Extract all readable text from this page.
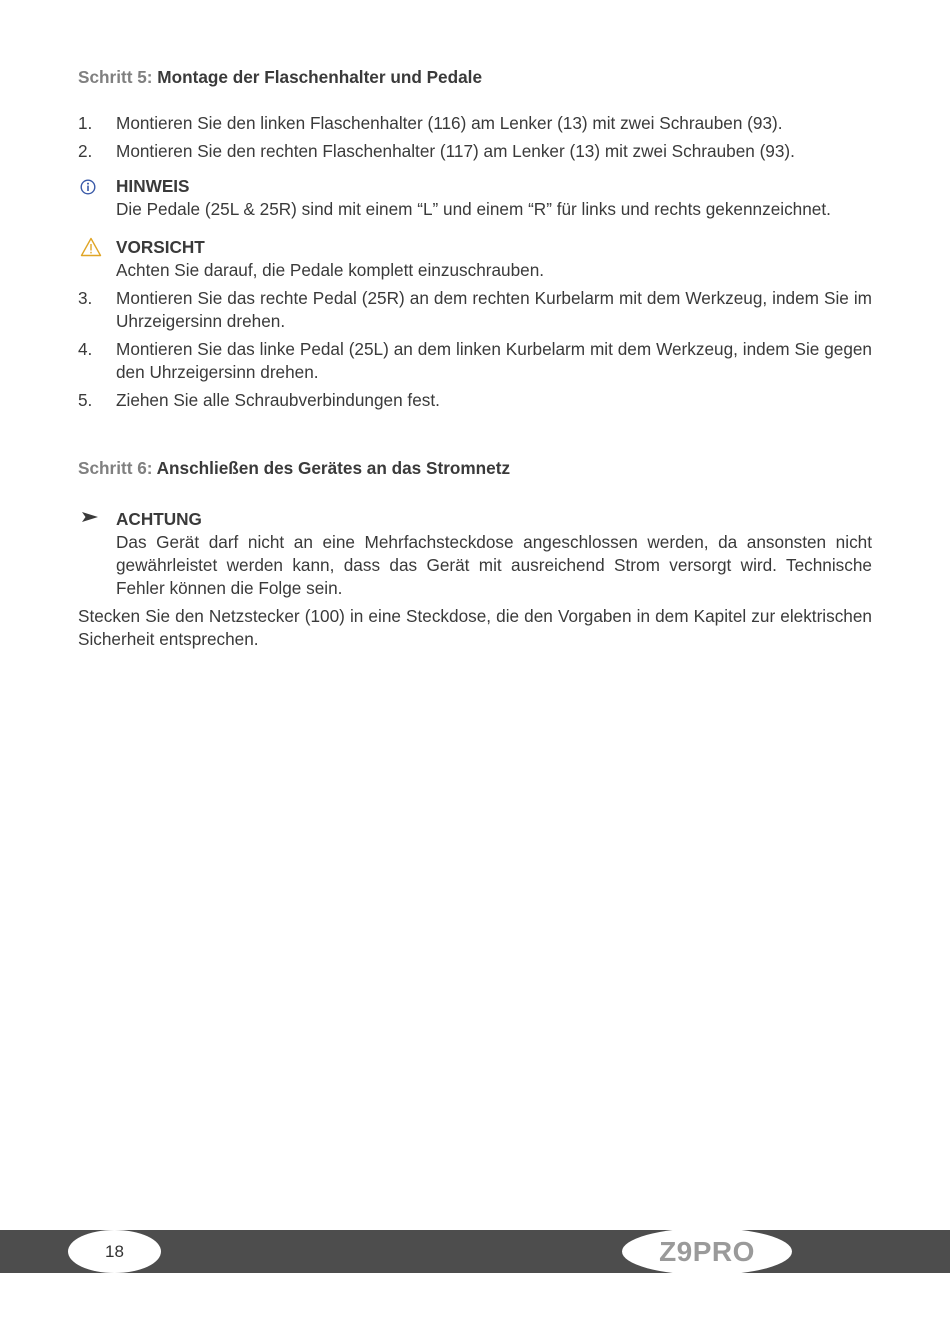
Schritt 5: Montage der Flaschenhalter und Pedale
1.	Montieren Sie den linken Flaschenhalter (116) am Lenker (13) mit zwei Schrauben (93).
2.	Montieren Sie den rechten Flaschenhalter (117) am Lenker (13) mit zwei Schrauben (93).
HINWEIS
Die Pedale (25L & 25R) sind mit einem “L” und einem “R” für links und rechts gekennzeichnet.
VORSICHT
Achten Sie darauf, die Pedale komplett einzuschrauben.
3.	Montieren Sie das rechte Pedal (25R) an dem rechten Kurbelarm mit dem Werkzeug, indem Sie im Uhrzeigersinn drehen.
4.	Montieren Sie das linke Pedal (25L) an dem linken Kurbelarm mit dem Werkzeug, indem Sie gegen den Uhrzeigersinn drehen.
5.	Ziehen Sie alle Schraubverbindungen fest.
Schritt 6: Anschließen des Gerätes an das Stromnetz
ACHTUNG
Das Gerät darf nicht an eine Mehrfachsteckdose angeschlossen werden, da ansonsten nicht gewährleistet werden kann, dass das Gerät mit ausreichend Strom versorgt wird. Technische Fehler können die Folge sein.

Stecken Sie den Netzstecker (100) in eine Steckdose, die den Vorgaben in dem Kapitel zur elektrischen Sicherheit entsprechen.

18	Z9PRO
